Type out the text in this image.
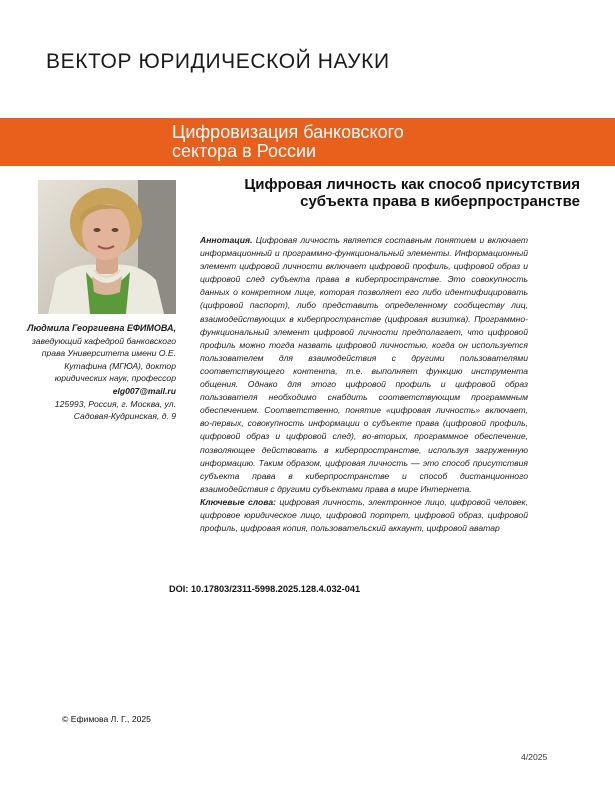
ВЕКТОР ЮРИДИЧЕСКОЙ НАУКИ
Цифровизация банковского
сектора в России
Цифровая личность как способ присутствия субъекта права в киберпространстве
Людмила Георгиевна ЕФИМОВА,
заведующий кафедрой банковского права Университета имени О.Е. Кутафина (МГЮА), доктор юридических наук, профессор
elg007@mail.ru
125993, Россия, г. Москва, ул. Садовая-Кудринская, д. 9
Аннотация. Цифровая личность является составным понятием и включает информационный и программно-функциональный элементы. Информационный элемент цифровой личности включает цифровой профиль, цифровой образ и цифровой след субъекта права в киберпространстве. Это совокупность данных о конкретном лице, которая позволяет его либо идентифицировать (цифровой паспорт), либо представить определенному сообществу лиц, взаимодействующих в киберпространстве (цифровая визитка). Программно-функциональный элемент цифровой личности предполагает, что цифровой профиль можно тогда назвать цифровой личностью, когда он используется пользователем для взаимодействия с другими пользователями соответствующего контента, т.е. выполняет функцию инструмента общения. Однако для этого цифровой профиль и цифровой образ пользователя необходимо снабдить соответствующим программным обеспечением. Соответственно, понятие «цифровая личность» включает, во-первых, совокупность информации о субъекте права (цифровой профиль, цифровой образ и цифровой след), во-вторых, программное обеспечение, позволяющее действовать в киберпространстве, используя загруженную информацию. Таким образом, цифровая личность — это способ присутствия субъекта права в киберпространстве и способ дистанционного взаимодействия с другими субъектами права в мире Интернета.
Ключевые слова: цифровая личность, электронное лицо, цифровой человек, цифровое юридическое лицо, цифровой портрет, цифровой образ, цифровой профиль, цифровая копия, пользовательский аккаунт, цифровой аватар
DOI: 10.17803/2311-5998.2025.128.4.032-041
© Ефимова Л. Г., 2025
4/2025
